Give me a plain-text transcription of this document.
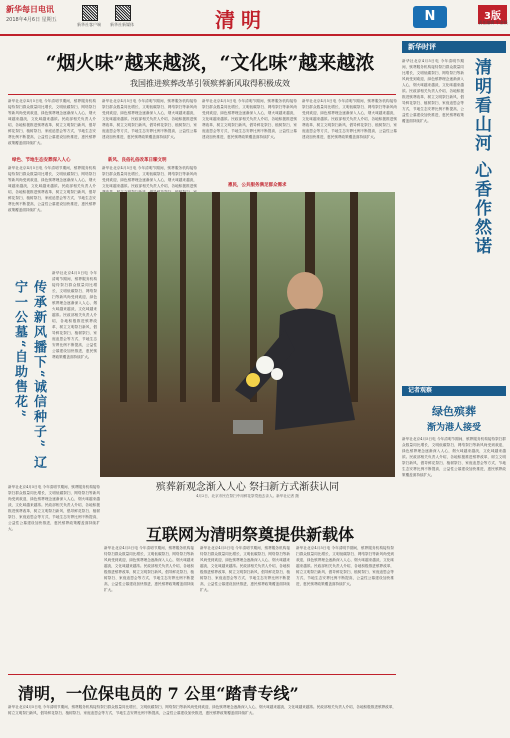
新华每日电讯
2018年4月6日 星期五
新华社客户端	新华社新媒体	清明	N	3版
责任编辑 牛金锁
“烟火味”越来越淡，“文化味”越来越浓
我国推进殡葬改革引领殡葬新风取得积极成效
新华社北京4月5日电 今年清明节期间，殡葬服务机构接待祭扫群众数量同比增长，文明低碳祭扫、网络祭扫等新风尚受到欢迎，绿色殡葬理念逐渐深入人心，烟火味越来越淡，文化味越来越浓。民政部相关负责人介绍，各地积极推进殡葬改革，树立文明祭扫新风，倡导鲜花祭扫、植树祭扫、家庭追思会等方式，节地生态安葬比例不断提高，公益性公墓建设加快推进，惠民殡葬政策覆盖面持续扩大。
绿色、节地生态安葬深入人心
新华社北京4月5日电 今年清明节期间，殡葬服务机构接待祭扫群众数量同比增长，文明低碳祭扫、网络祭扫等新风尚受到欢迎，绿色殡葬理念逐渐深入人心，烟火味越来越淡，文化味越来越浓。民政部相关负责人介绍，各地积极推进殡葬改革，树立文明祭扫新风，倡导鲜花祭扫、植树祭扫、家庭追思会等方式，节地生态安葬比例不断提高，公益性公墓建设加快推进，惠民殡葬政策覆盖面持续扩大。
传承新风播下“诚信种子” 辽宁一公墓“自助售花”
新华社北京4月5日电 今年清明节期间，殡葬服务机构接待祭扫群众数量同比增长，文明低碳祭扫、网络祭扫等新风尚受到欢迎，绿色殡葬理念逐渐深入人心，烟火味越来越淡，文化味越来越浓。民政部相关负责人介绍，各地积极推进殡葬改革，树立文明祭扫新风，倡导鲜花祭扫、植树祭扫、家庭追思会等方式，节地生态安葬比例不断提高，公益性公墓建设加快推进，惠民殡葬政策覆盖面持续扩大。
新华社北京4月5日电 今年清明节期间，殡葬服务机构接待祭扫群众数量同比增长，文明低碳祭扫、网络祭扫等新风尚受到欢迎，绿色殡葬理念逐渐深入人心，烟火味越来越淡，文化味越来越浓。民政部相关负责人介绍，各地积极推进殡葬改革，树立文明祭扫新风，倡导鲜花祭扫、植树祭扫、家庭追思会等方式，节地生态安葬比例不断提高，公益性公墓建设加快推进，惠民殡葬政策覆盖面持续扩大。
新华社北京4月5日电 今年清明节期间，殡葬服务机构接待祭扫群众数量同比增长，文明低碳祭扫、网络祭扫等新风尚受到欢迎，绿色殡葬理念逐渐深入人心，烟火味越来越淡，文化味越来越浓。民政部相关负责人介绍，各地积极推进殡葬改革，树立文明祭扫新风，倡导鲜花祭扫、植树祭扫、家庭追思会等方式，节地生态安葬比例不断提高，公益性公墓建设加快推进，惠民殡葬政策覆盖面持续扩大。
新风、良俗礼俗改革日臻文明
新华社北京4月5日电 今年清明节期间，殡葬服务机构接待祭扫群众数量同比增长，文明低碳祭扫、网络祭扫等新风尚受到欢迎，绿色殡葬理念逐渐深入人心，烟火味越来越淡，文化味越来越浓。民政部相关负责人介绍，各地积极推进殡
新华社北京4月5日电 今年清明节期间，殡葬服务机构接待祭扫群众数量同比增长，文明低碳祭扫、网络祭扫等新风尚受到欢迎，绿色殡葬理念逐渐深入人心，烟火味越来越淡，文化味越来越浓。民政部相关负责人介绍，各地积极推进殡葬改革，树立文明祭扫新风，倡导鲜花祭扫、植树祭扫、家庭追思会等方式，节地生态安葬比例不断提高，公益性公墓建设加快推进，惠民殡葬政策覆盖面持续扩大。
新华社北京4月5日电 今年清明节期间，殡葬服务机构接待祭扫群众数量同比增长，文明低碳祭扫、网络祭扫等新风尚受到欢迎，绿色殡葬理念逐渐深入人心，烟火味越来越淡，文化味越来越浓。民政部相关负责人介绍，各地积极推进殡葬改革，树立文明祭扫新风，倡导鲜花祭扫、植树祭扫、家庭追思会等方式，节地生态安葬比例不断提高，公益性公墓建设加快推进，惠民殡葬政策覆盖面持续扩大。
惠民，公共服务满足群众需求
殡葬新观念渐入人心 祭扫新方式渐获认同
4月2日，北京市民在祭扫中用鲜花祭奠逝去亲人。新华社记者 摄
互联网为清明祭奠提供新载体
新华社北京4月5日电 今年清明节期间，殡葬服务机构接待祭扫群众数量同比增长，文明低碳祭扫、网络祭扫等新风尚受到欢迎，绿色殡葬理念逐渐深入人心，烟火味越来越淡，文化味越来越浓。民政部相关负责人介绍，各地积极推进殡葬改革，树立文明祭扫新风，倡导鲜花祭扫、植树祭扫、家庭追思会等方式，节地生态安葬比例不断提高，公益性公墓建设加快推进，惠民殡葬政策覆盖面持续扩大。
新华社北京4月5日电 今年清明节期间，殡葬服务机构接待祭扫群众数量同比增长，文明低碳祭扫、网络祭扫等新风尚受到欢迎，绿色殡葬理念逐渐深入人心，烟火味越来越淡，文化味越来越浓。民政部相关负责人介绍，各地积极推进殡葬改革，树立文明祭扫新风，倡导鲜花祭扫、植树祭扫、家庭追思会等方式，节地生态安葬比例不断提高，公益性公墓建设加快推进，惠民殡葬政策覆盖面持续扩大。
新华社北京4月5日电 今年清明节期间，殡葬服务机构接待祭扫群众数量同比增长，文明低碳祭扫、网络祭扫等新风尚受到欢迎，绿色殡葬理念逐渐深入人心，烟火味越来越淡，文化味越来越浓。民政部相关负责人介绍，各地积极推进殡葬改革，树立文明祭扫新风，倡导鲜花祭扫、植树祭扫、家庭追思会等方式，节地生态安葬比例不断提高，公益性公墓建设加快推进，惠民殡葬政策覆盖面持续扩大。
清明，一位保电员的 7 公里“踏青专线”
新华社北京4月5日电 今年清明节期间，殡葬服务机构接待祭扫群众数量同比增长，文明低碳祭扫、网络祭扫等新风尚受到欢迎，绿色殡葬理念逐渐深入人心，烟火味越来越淡，文化味越来越浓。民政部相关负责人介绍，各地积极推进殡葬改革，树立文明祭扫新风，倡导鲜花祭扫、植树祭扫、家庭追思会等方式，节地生态安葬比例不断提高，公益性公墓建设加快推进，惠民殡葬政策覆盖面持续扩大。
新华时评
新华社北京4月5日电 今年清明节期间，殡葬服务机构接待祭扫群众数量同比增长，文明低碳祭扫、网络祭扫等新风尚受到欢迎，绿色殡葬理念逐渐深入人心，烟火味越来越淡，文化味越来越浓。民政部相关负责人介绍，各地积极推进殡葬改革，树立文明祭扫新风，倡导鲜花祭扫、植树祭扫、家庭追思会等方式，节地生态安葬比例不断提高，公益性公墓建设加快推进，惠民殡葬政策覆盖面持续扩大。	清明看山河 心香作然诺
记者观察
绿色殡葬
渐为港人接受
新华社北京4月5日电 今年清明节期间，殡葬服务机构接待祭扫群众数量同比增长，文明低碳祭扫、网络祭扫等新风尚受到欢迎，绿色殡葬理念逐渐深入人心，烟火味越来越淡，文化味越来越浓。民政部相关负责人介绍，各地积极推进殡葬改革，树立文明祭扫新风，倡导鲜花祭扫、植树祭扫、家庭追思会等方式，节地生态安葬比例不断提高，公益性公墓建设加快推进，惠民殡葬政策覆盖面持续扩大。
